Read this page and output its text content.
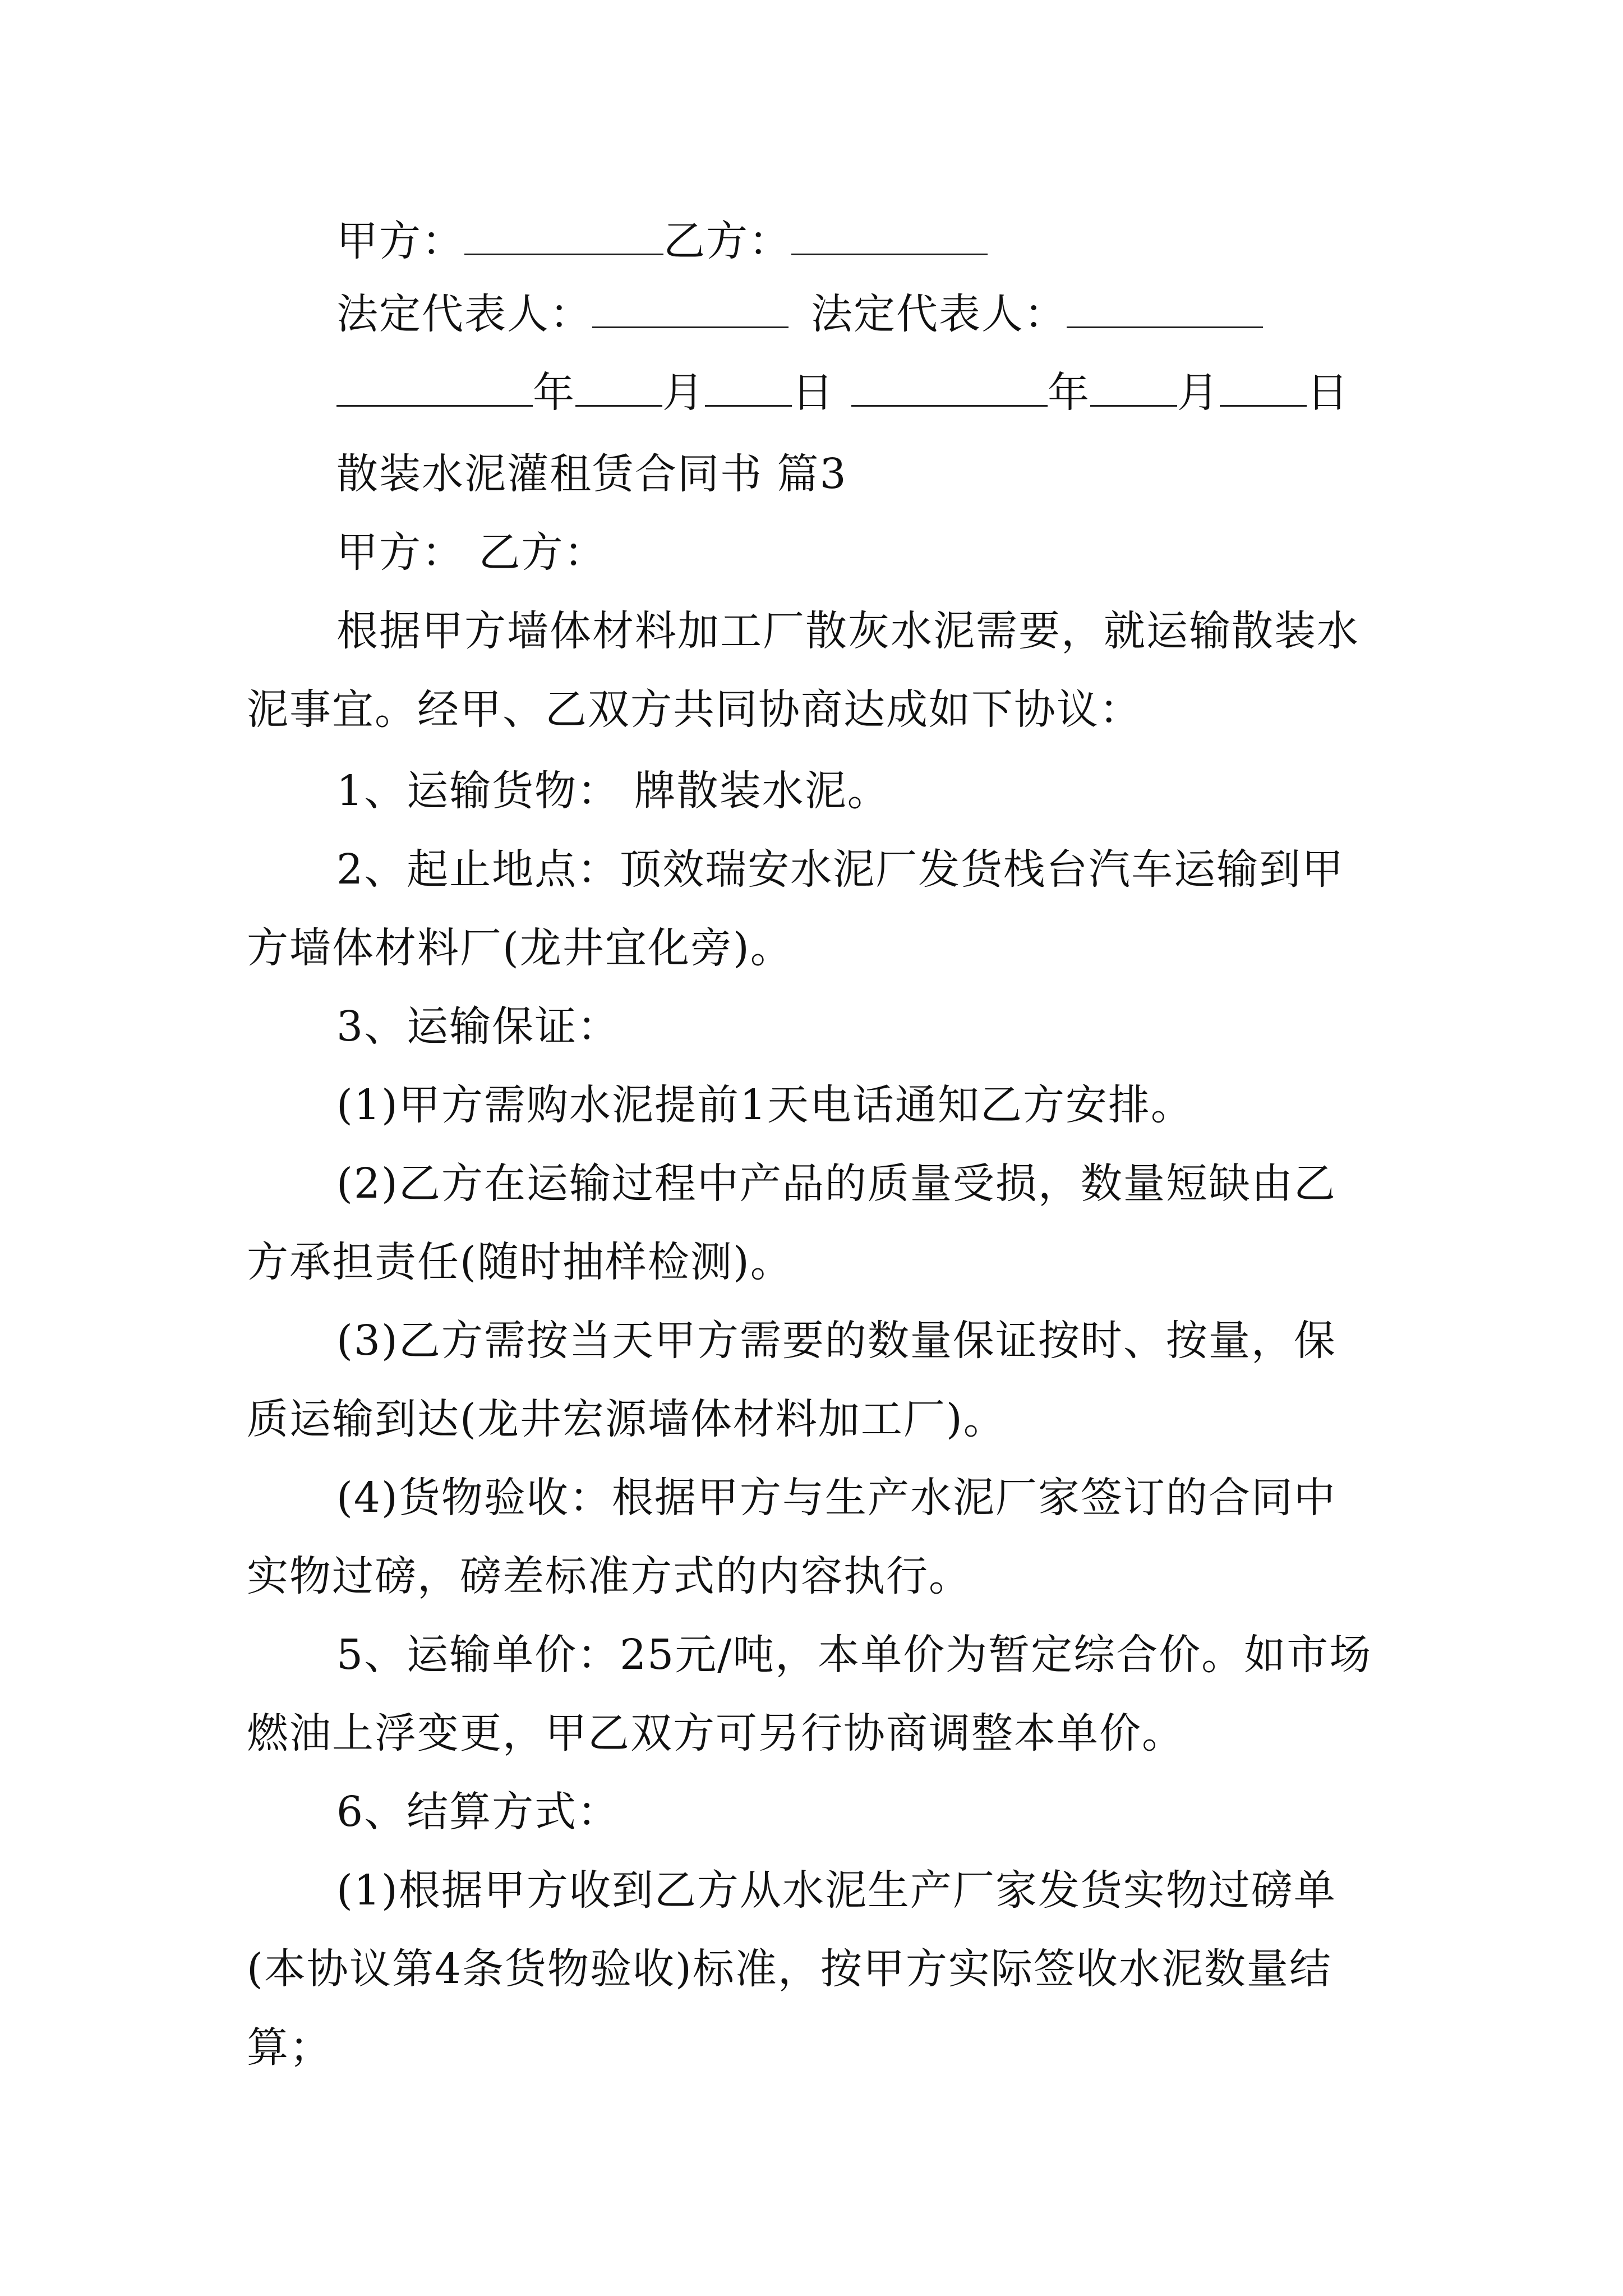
甲方：	乙方：
法定代表人：	法定代表人：
年 月 日	年 月 日
散装水泥灌租赁合同书 篇3
甲方： 乙方：
根据甲方墙体材料加工厂散灰水泥需要，就运输散装水
泥事宜。经甲、乙双方共同协商达成如下协议：
1、运输货物： 牌散装水泥。
2、起止地点：顶效瑞安水泥厂发货栈台汽车运输到甲
方墙体材料厂(龙井宜化旁)。
3、运输保证：
(1)甲方需购水泥提前1天电话通知乙方安排。
(2)乙方在运输过程中产品的质量受损，数量短缺由乙
方承担责任(随时抽样检测)。
(3)乙方需按当天甲方需要的数量保证按时、按量，保
质运输到达(龙井宏源墙体材料加工厂)。
(4)货物验收：根据甲方与生产水泥厂家签订的合同中
实物过磅，磅差标准方式的内容执行。
5、运输单价：25元/吨，本单价为暂定综合价。如市场
燃油上浮变更，甲乙双方可另行协商调整本单价。
6、结算方式：
(1)根据甲方收到乙方从水泥生产厂家发货实物过磅单
(本协议第4条货物验收)标准，按甲方实际签收水泥数量结
算；
